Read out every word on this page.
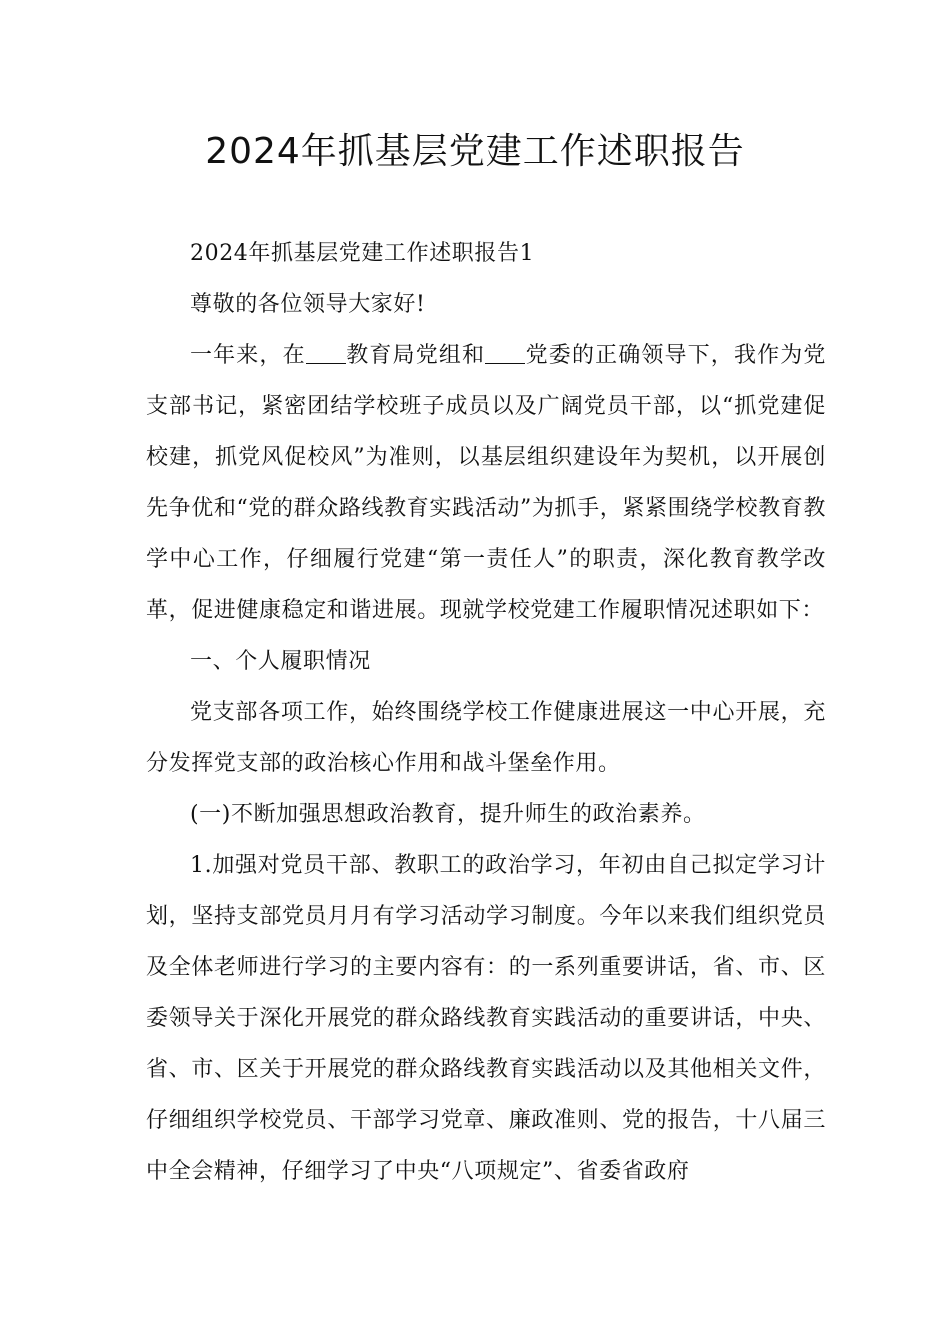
2024年抓基层党建工作述职报告

2024年抓基层党建工作述职报告1

尊敬的各位领导大家好!

一年来，在 教育局党组和 党委的正确领导下，我作为党支部书记，紧密团结学校班子成员以及广阔党员干部，以“抓党建促校建，抓党风促校风”为准则，以基层组织建设年为契机，以开展创先争优和“党的群众路线教育实践活动”为抓手，紧紧围绕学校教育教学中心工作，仔细履行党建“第一责任人”的职责，深化教育教学改革，促进健康稳定和谐进展。现就学校党建工作履职情况述职如下：

一、个人履职情况

党支部各项工作，始终围绕学校工作健康进展这一中心开展，充分发挥党支部的政治核心作用和战斗堡垒作用。

(一)不断加强思想政治教育，提升师生的政治素养。

1.加强对党员干部、教职工的政治学习，年初由自己拟定学习计划，坚持支部党员月月有学习活动学习制度。今年以来我们组织党员及全体老师进行学习的主要内容有：的一系列重要讲话，省、市、区委领导关于深化开展党的群众路线教育实践活动的重要讲话，中央、省、市、区关于开展党的群众路线教育实践活动以及其他相关文件，仔细组织学校党员、干部学习党章、廉政准则、党的报告，十八届三中全会精神，仔细学习了中央“八项规定”、省委省政府
